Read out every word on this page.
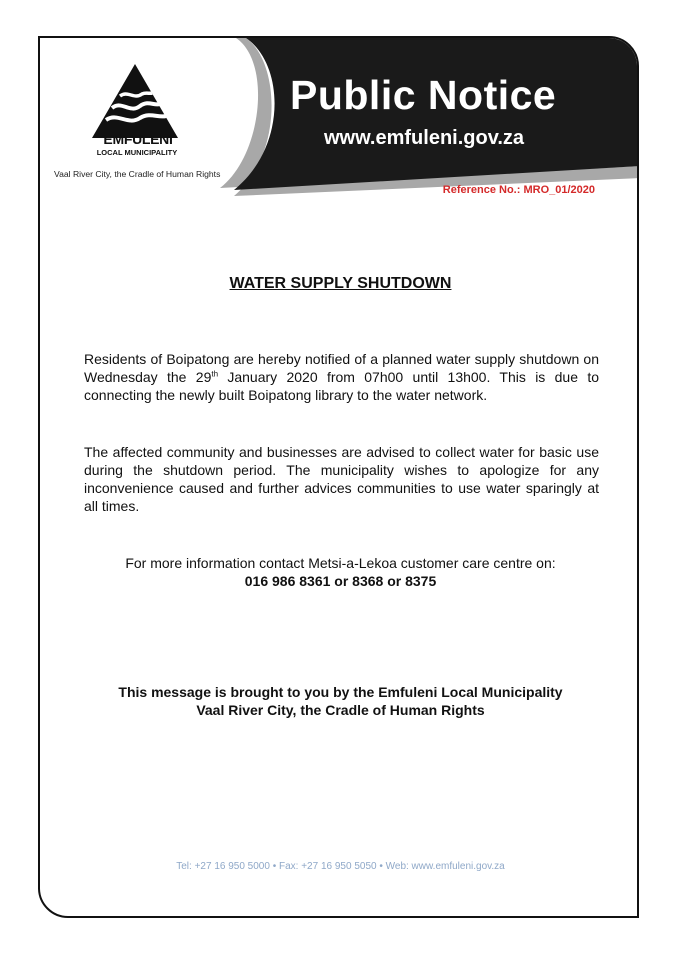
EMFULENI
LOCAL MUNICIPALITY
Vaal River City, the Cradle of Human Rights
Public Notice
www.emfuleni.gov.za
Reference No.: MRO_01/2020
WATER SUPPLY SHUTDOWN

Residents of Boipatong are hereby notified of a planned water supply shutdown on Wednesday the 29th January 2020 from 07h00 until 13h00. This is due to connecting the newly built Boipatong library to the water network.

The affected community and businesses are advised to collect water for basic use during the shutdown period. The municipality wishes to apologize for any inconvenience caused and further advices communities to use water sparingly at all times.

For more information contact Metsi-a-Lekoa customer care centre on:
016 986 8361 or 8368 or 8375
This message is brought to you by the Emfuleni Local Municipality
Vaal River City, the Cradle of Human Rights
Tel: +27 16 950 5000 • Fax: +27 16 950 5050 • Web: www.emfuleni.gov.za
